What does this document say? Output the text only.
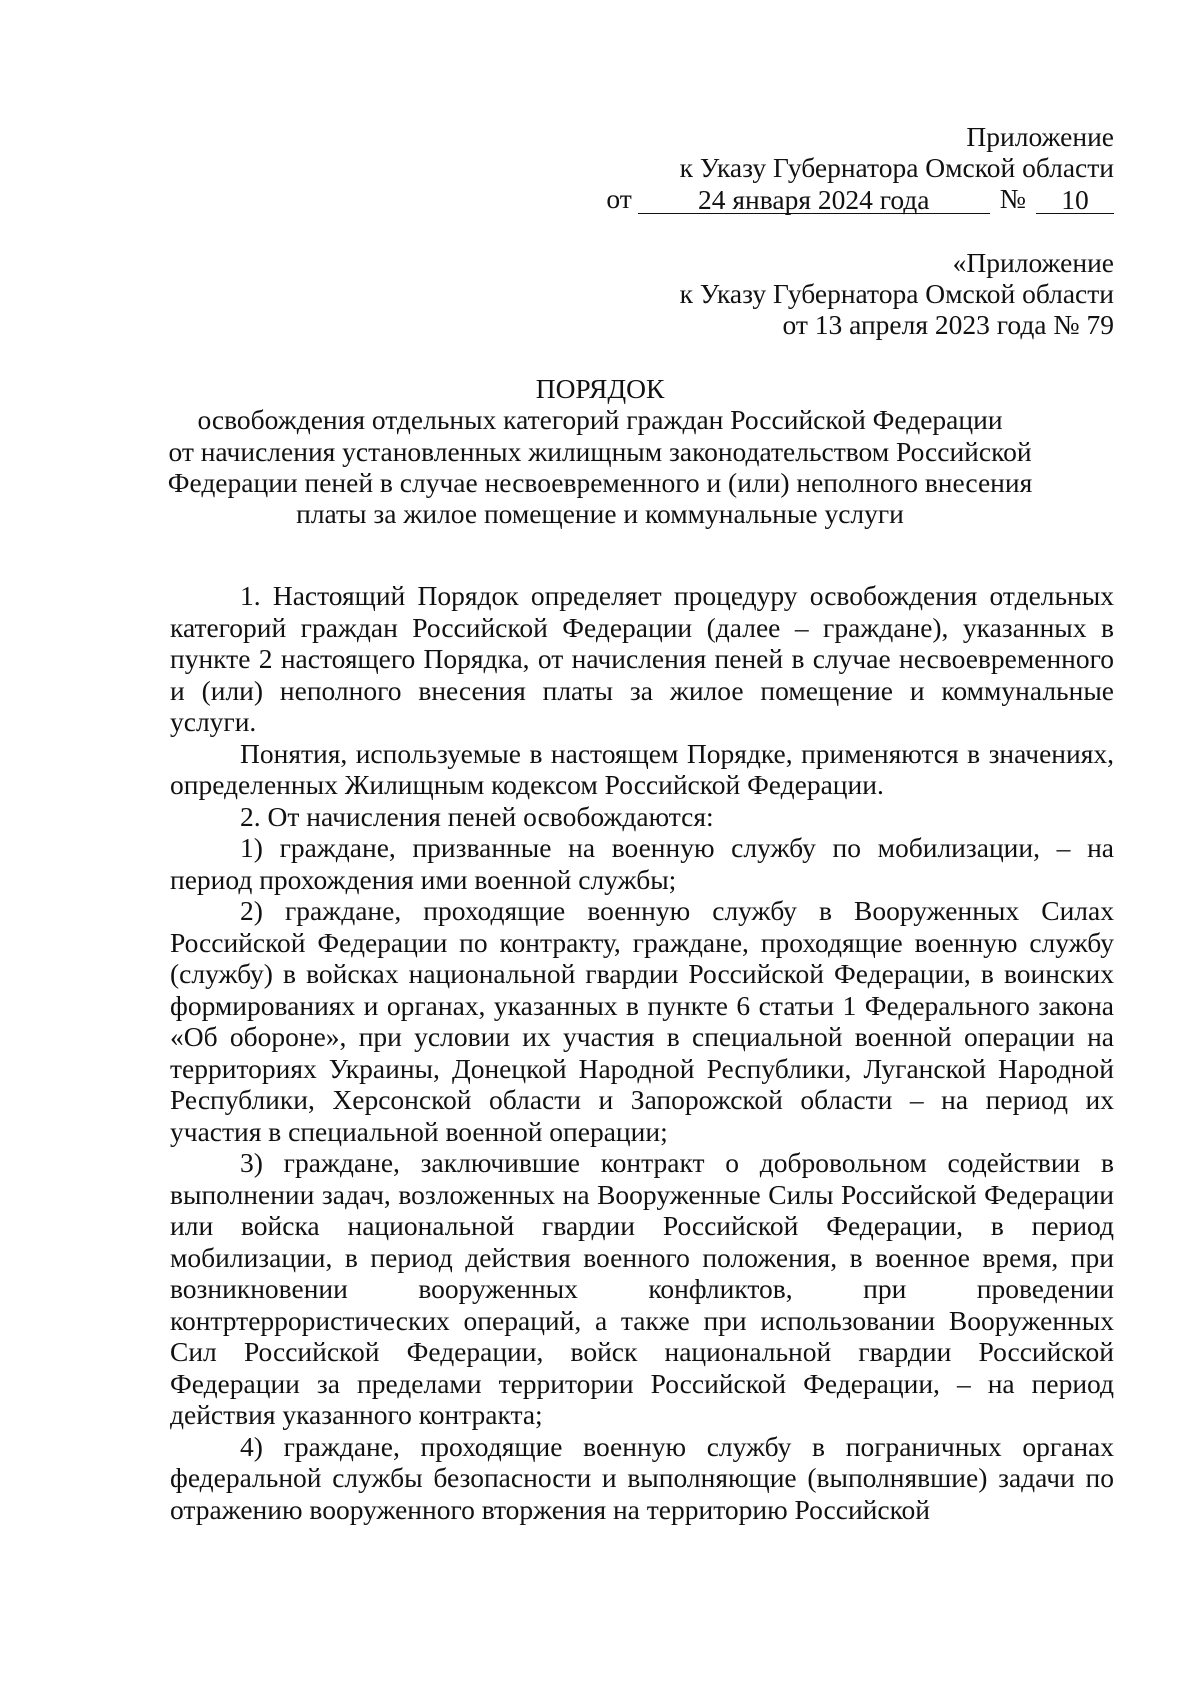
Приложение
к Указу Губернатора Омской области
от	24 января 2024 года	№	10
«Приложение
к Указу Губернатора Омской области
от 13 апреля 2023 года № 79
ПОРЯДОК
освобождения отдельных категорий граждан Российской Федерации
от начисления установленных жилищным законодательством Российской
Федерации пеней в случае несвоевременного и (или) неполного внесения
платы за жилое помещение и коммунальные услуги

1. Настоящий Порядок определяет процедуру освобождения отдельных категорий граждан Российской Федерации (далее – граждане), указанных в пункте 2 настоящего Порядка, от начисления пеней в случае несвоевременного и (или) неполного внесения платы за жилое помещение и коммунальные услуги.

Понятия, используемые в настоящем Порядке, применяются в значениях, определенных Жилищным кодексом Российской Федерации.

2. От начисления пеней освобождаются:

1) граждане, призванные на военную службу по мобилизации, – на период прохождения ими военной службы;

2) граждане, проходящие военную службу в Вооруженных Силах Российской Федерации по контракту, граждане, проходящие военную службу (службу) в войсках национальной гвардии Российской Федерации, в воинских формированиях и органах, указанных в пункте 6 статьи 1 Федерального закона «Об обороне», при условии их участия в специальной военной операции на территориях Украины, Донецкой Народной Республики, Луганской Народной Республики, Херсонской области и Запорожской области – на период их участия в специальной военной операции;

3) граждане, заключившие контракт о добровольном содействии в выполнении задач, возложенных на Вооруженные Силы Российской Федерации или войска национальной гвардии Российской Федерации, в период мобилизации, в период действия военного положения, в военное время, при возникновении вооруженных конфликтов, при проведении контртеррористических операций, а также при использовании Вооруженных Сил Российской Федерации, войск национальной гвардии Российской Федерации за пределами территории Российской Федерации, – на период действия указанного контракта;

4) граждане, проходящие военную службу в пограничных органах федеральной службы безопасности и выполняющие (выполнявшие) задачи по отражению вооруженного вторжения на территорию Российской
